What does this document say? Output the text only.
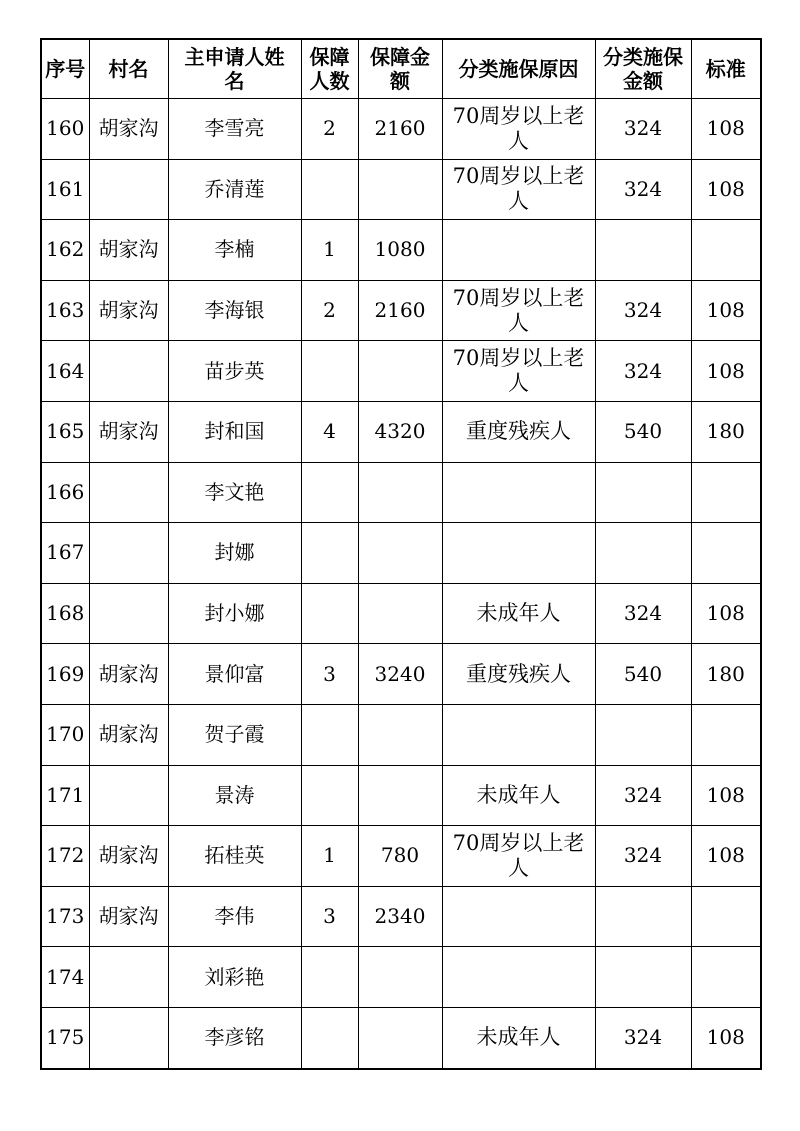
序号	村名	主申请人姓名	保障人数	保障金额	分类施保原因	分类施保金额	标准
160	胡家沟	李雪亮	2	2160	70周岁以上老人	324	108
161		乔清莲			70周岁以上老人	324	108
162	胡家沟	李楠	1	1080			
163	胡家沟	李海银	2	2160	70周岁以上老人	324	108
164		苗步英			70周岁以上老人	324	108
165	胡家沟	封和国	4	4320	重度残疾人	540	180
166		李文艳					
167		封娜					
168		封小娜			未成年人	324	108
169	胡家沟	景仰富	3	3240	重度残疾人	540	180
170	胡家沟	贺子霞					
171		景涛			未成年人	324	108
172	胡家沟	拓桂英	1	780	70周岁以上老人	324	108
173	胡家沟	李伟	3	2340			
174		刘彩艳					
175		李彦铭			未成年人	324	108
